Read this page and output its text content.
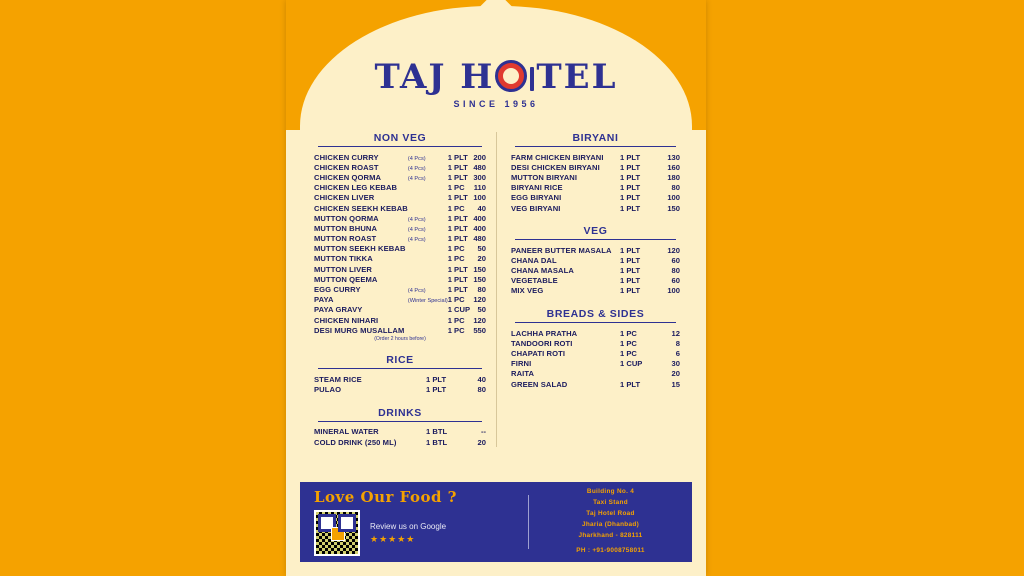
TAJ H TEL
SINCE 1956
NON VEG
CHICKEN CURRY	(4 Pcs)	1 PLT	200
CHICKEN ROAST	(4 Pcs)	1 PLT	480
CHICKEN QORMA	(4 Pcs)	1 PLT	300
CHICKEN LEG KEBAB		1 PC	110
CHICKEN LIVER		1 PLT	100
CHICKEN SEEKH KEBAB		1 PC	40
MUTTON QORMA	(4 Pcs)	1 PLT	400
MUTTON BHUNA	(4 Pcs)	1 PLT	400
MUTTON ROAST	(4 Pcs)	1 PLT	480
MUTTON SEEKH KEBAB		1 PC	50
MUTTON TIKKA		1 PC	20
MUTTON LIVER		1 PLT	150
MUTTON QEEMA		1 PLT	150
EGG CURRY	(4 Pcs)	1 PLT	80
PAYA	(Winter Special)	1 PC	120
PAYA GRAVY		1 CUP	50
CHICKEN NIHARI		1 PC	120
DESI MURG MUSALLAM		1 PC	550
(Order 2 hours before)
RICE
STEAM RICE		1 PLT	40
PULAO		1 PLT	80
DRINKS
MINERAL WATER		1 BTL	--
COLD DRINK (250 ML)		1 BTL	20
BIRYANI
FARM CHICKEN BIRYANI		1 PLT	130
DESI CHICKEN BIRYANI		1 PLT	160
MUTTON BIRYANI		1 PLT	180
BIRYANI RICE		1 PLT	80
EGG BIRYANI		1 PLT	100
VEG BIRYANI		1 PLT	150
VEG
PANEER BUTTER MASALA		1 PLT	120
CHANA DAL		1 PLT	60
CHANA MASALA		1 PLT	80
VEGETABLE		1 PLT	60
MIX VEG		1 PLT	100
BREADS & SIDES
LACHHA PRATHA		1 PC	12
TANDOORI ROTI		1 PC	8
CHAPATI ROTI		1 PC	6
FIRNI		1 CUP	30
RAITA			20
GREEN SALAD		1 PLT	15
Love Our Food ?
Review us on Google
★★★★★
Building No. 4
Taxi Stand
Taj Hotel Road
Jharia (Dhanbad)
Jharkhand - 828111
PH : +91-9008758011
